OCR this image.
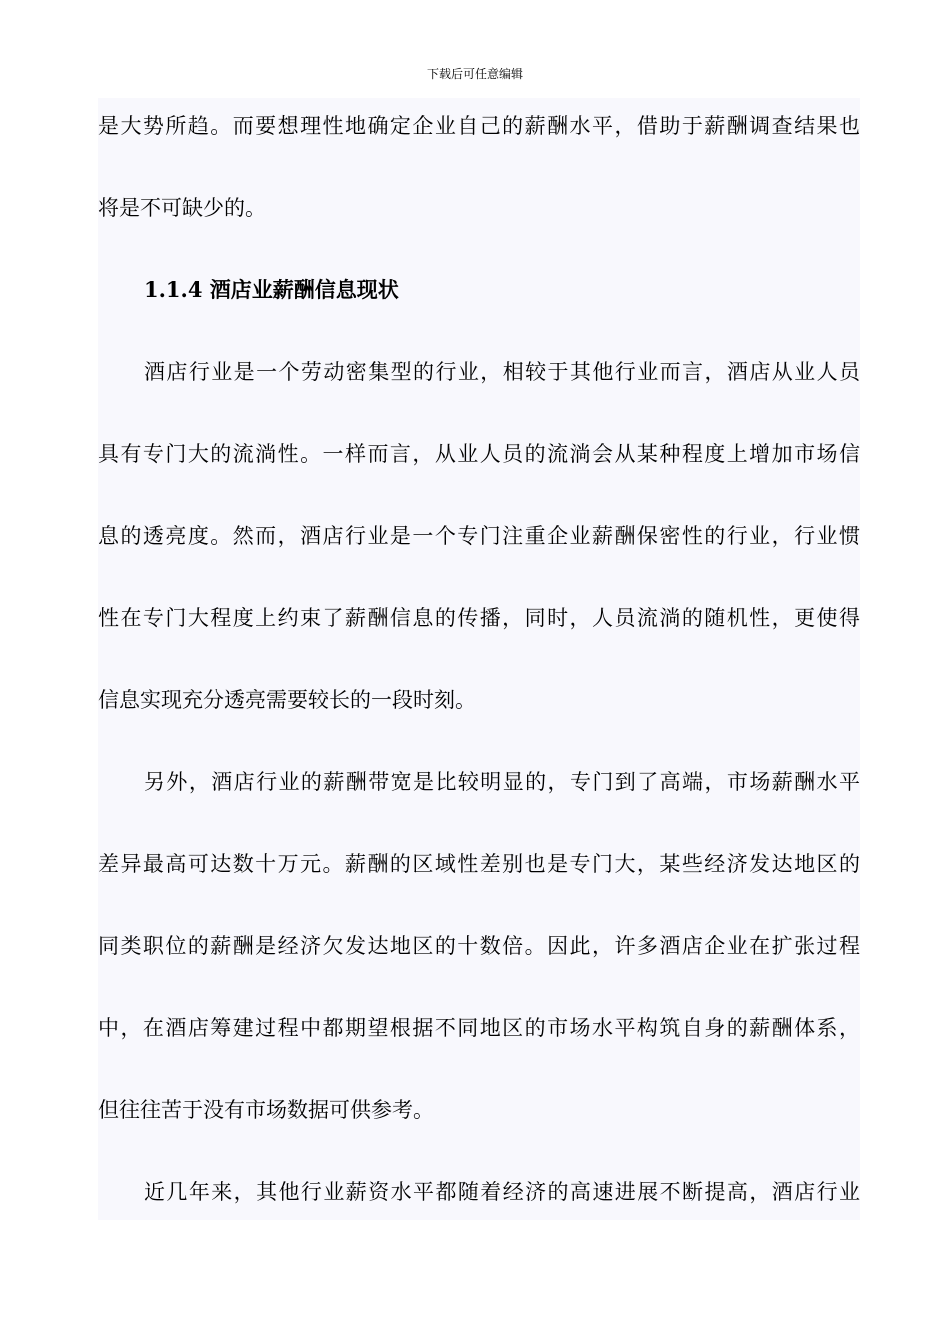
下载后可任意编辑
是大势所趋。而要想理性地确定企业自己的薪酬水平，借助于薪酬调查结果也
将是不可缺少的。
1.1.4 酒店业薪酬信息现状
酒店行业是一个劳动密集型的行业，相较于其他行业而言，酒店从业人员
具有专门大的流淌性。一样而言，从业人员的流淌会从某种程度上增加市场信
息的透亮度。然而，酒店行业是一个专门注重企业薪酬保密性的行业，行业惯
性在专门大程度上约束了薪酬信息的传播，同时，人员流淌的随机性，更使得
信息实现充分透亮需要较长的一段时刻。
另外，酒店行业的薪酬带宽是比较明显的，专门到了高端，市场薪酬水平
差异最高可达数十万元。薪酬的区域性差别也是专门大，某些经济发达地区的
同类职位的薪酬是经济欠发达地区的十数倍。因此，许多酒店企业在扩张过程
中，在酒店筹建过程中都期望根据不同地区的市场水平构筑自身的薪酬体系，
但往往苦于没有市场数据可供参考。
近几年来，其他行业薪资水平都随着经济的高速进展不断提高，酒店行业
